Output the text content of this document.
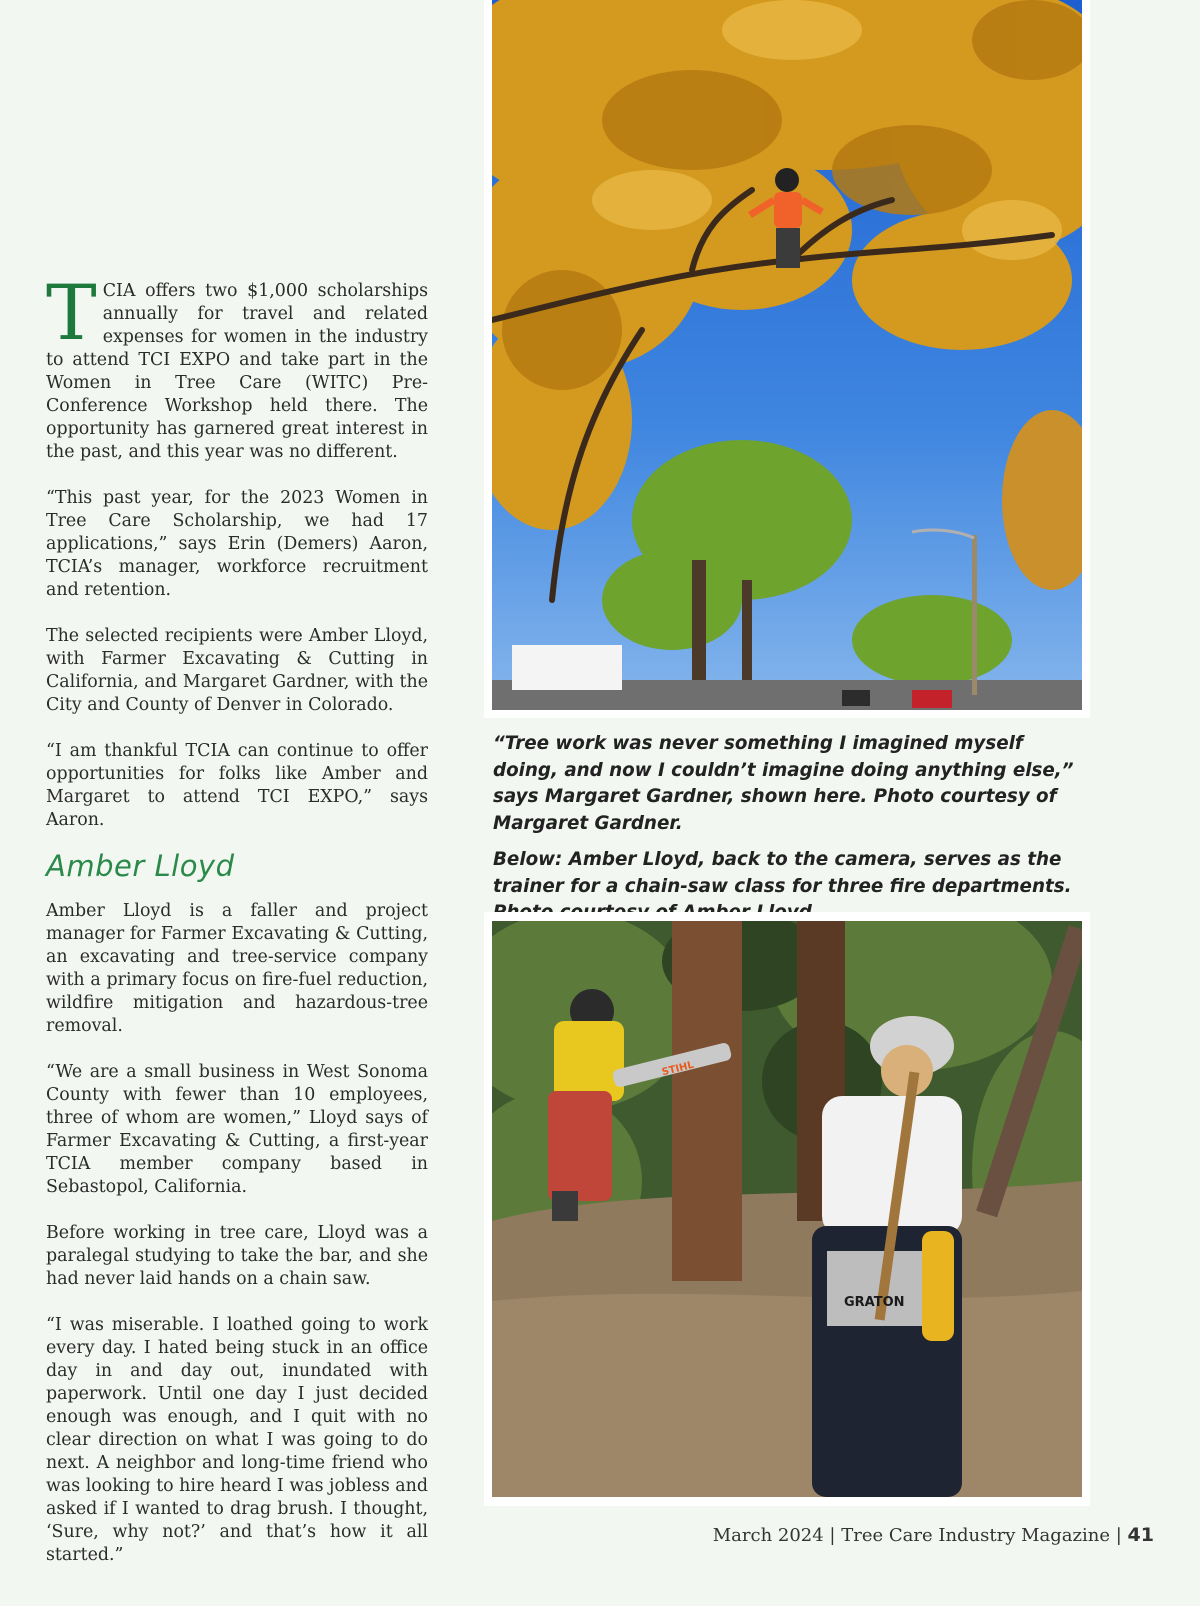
TCIA offers two $1,000 scholarships annually for travel and related expenses for women in the industry to attend TCI EXPO and take part in the Women in Tree Care (WITC) Pre-Conference Workshop held there. The opportunity has garnered great interest in the past, and this year was no different.

“This past year, for the 2023 Women in Tree Care Scholarship, we had 17 applications,” says Erin (Demers) Aaron, TCIA’s manager, workforce recruitment and retention.

The selected recipients were Amber Lloyd, with Farmer Excavating & Cutting in California, and Margaret Gardner, with the City and County of Denver in Colorado.

“I am thankful TCIA can continue to offer opportunities for folks like Amber and Margaret to attend TCI EXPO,” says Aaron.

Amber Lloyd

Amber Lloyd is a faller and project manager for Farmer Excavating & Cutting, an excavating and tree-service company with a primary focus on fire-fuel reduction, wildfire mitigation and hazardous-tree removal.

“We are a small business in West Sonoma County with fewer than 10 employees, three of whom are women,” Lloyd says of Farmer Excavating & Cutting, a first-year TCIA member company based in Sebastopol, California.

Before working in tree care, Lloyd was a paralegal studying to take the bar, and she had never laid hands on a chain saw.

“I was miserable. I loathed going to work every day. I hated being stuck in an office day in and day out, inundated with paperwork. Until one day I just decided enough was enough, and I quit with no clear direction on what I was going to do next. A neighbor and long-time friend who was looking to hire heard I was jobless and asked if I wanted to drag brush. I thought, ‘Sure, why not?’ and that’s how it all started.”

“Tree work was never something I imagined myself doing, and now I couldn’t imagine doing anything else,” says Margaret Gardner, shown here. Photo courtesy of Margaret Gardner.

Below: Amber Lloyd, back to the camera, serves as the trainer for a chain-saw class for three fire departments.

GRATON
STIHL
March 2024 | Tree Care Industry Magazine | 41
